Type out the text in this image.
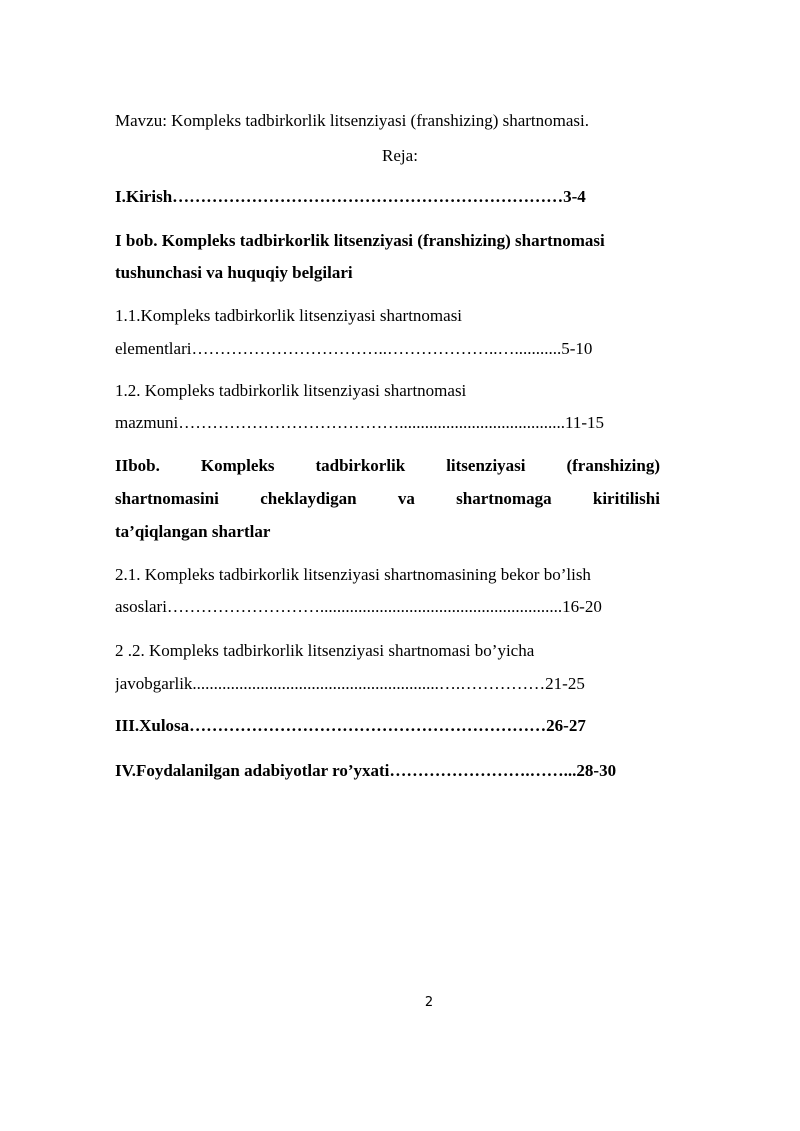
Mavzu: Kompleks tadbirkorlik litsenziyasi (franshizing) shartnomasi.
Reja:
I.Kirish……………………………………………………………3-4
I bob. Kompleks tadbirkorlik litsenziyasi (franshizing) shartnomasi
tushunchasi va huquqiy belgilari
1.1.Kompleks tadbirkorlik litsenziyasi shartnomasi
elementlari……………………………..………………..…...........5-10
1.2. Kompleks tadbirkorlik litsenziyasi shartnomasi
mazmuni………………………………….......................................11-15
IIbob. Kompleks tadbirkorlik litsenziyasi (franshizing)
shartnomasini cheklaydigan va shartnomaga kiritilishi
ta’qiqlangan shartlar
2.1. Kompleks tadbirkorlik litsenziyasi shartnomasining bekor bo’lish
asoslari……………………….........................................................16-20
2 .2. Kompleks tadbirkorlik litsenziyasi shartnomasi bo’yicha
javobgarlik..........................................................….……………21-25
III.Xulosa………………………………………………………26-27
IV.Foydalanilgan adabiyotlar ro’yxati…………………….……...28-30
2
